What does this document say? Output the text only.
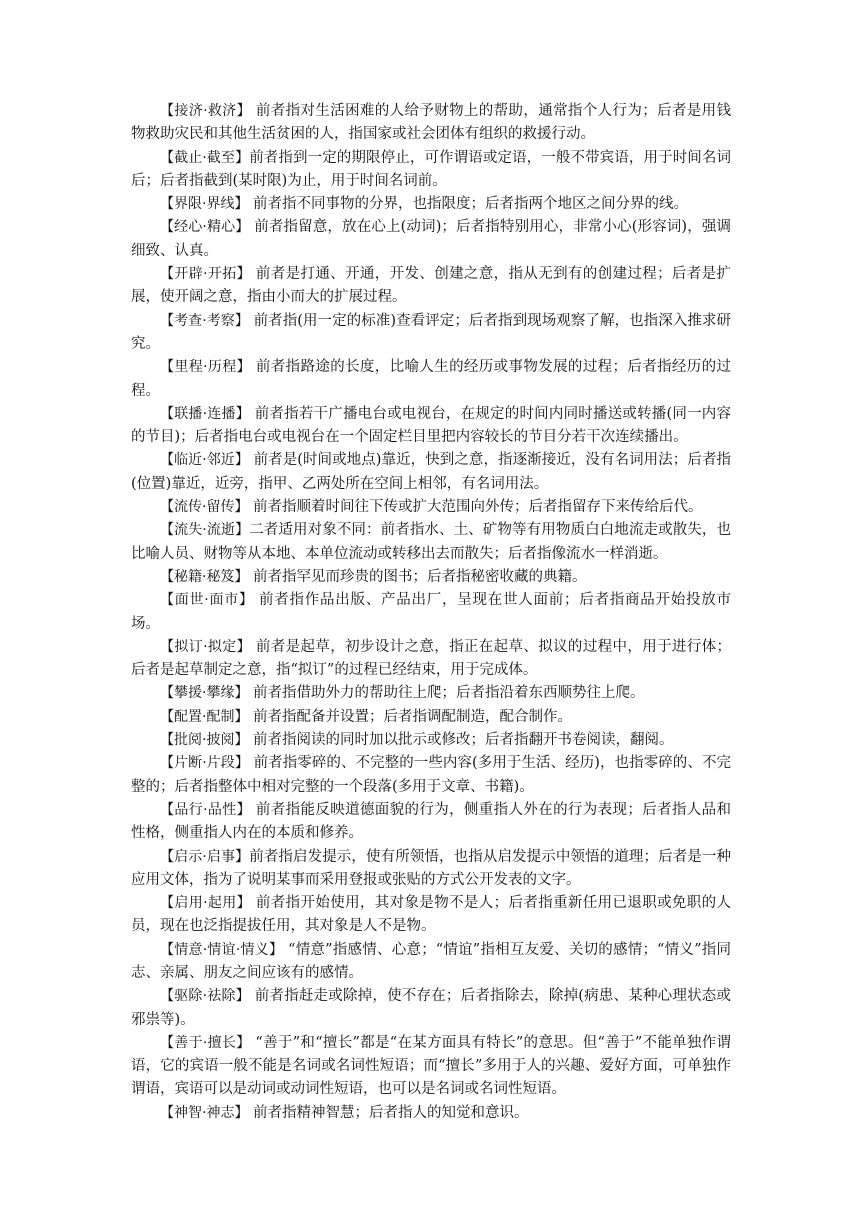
【接济·救济】 前者指对生活困难的人给予财物上的帮助，通常指个人行为；后者是用钱物救助灾民和其他生活贫困的人，指国家或社会团体有组织的救援行动。

【截止·截至】前者指到一定的期限停止，可作谓语或定语，一般不带宾语，用于时间名词后；后者指截到(某时限)为止，用于时间名词前。

【界限·界线】 前者指不同事物的分界，也指限度；后者指两个地区之间分界的线。

【经心·精心】 前者指留意，放在心上(动词)；后者指特别用心，非常小心(形容词)，强调细致、认真。

【开辟·开拓】 前者是打通、开通，开发、创建之意，指从无到有的创建过程；后者是扩展，使开阔之意，指由小而大的扩展过程。

【考查·考察】 前者指(用一定的标准)查看评定；后者指到现场观察了解，也指深入推求研究。

【里程·历程】 前者指路途的长度，比喻人生的经历或事物发展的过程；后者指经历的过程。

【联播·连播】 前者指若干广播电台或电视台，在规定的时间内同时播送或转播(同一内容的节目)；后者指电台或电视台在一个固定栏目里把内容较长的节目分若干次连续播出。

【临近·邻近】 前者是(时间或地点)靠近，快到之意，指逐渐接近，没有名词用法；后者指(位置)靠近，近旁，指甲、乙两处所在空间上相邻，有名词用法。

【流传·留传】 前者指顺着时间往下传或扩大范围向外传；后者指留存下来传给后代。

【流失·流逝】二者适用对象不同：前者指水、土、矿物等有用物质白白地流走或散失，也比喻人员、财物等从本地、本单位流动或转移出去而散失；后者指像流水一样消逝。

【秘籍·秘笈】 前者指罕见而珍贵的图书；后者指秘密收藏的典籍。

【面世·面市】 前者指作品出版、产品出厂，呈现在世人面前；后者指商品开始投放市场。

【拟订·拟定】 前者是起草，初步设计之意，指正在起草、拟议的过程中，用于进行体；后者是起草制定之意，指“拟订”的过程已经结束，用于完成体。

【攀援·攀缘】 前者指借助外力的帮助往上爬；后者指沿着东西顺势往上爬。

【配置·配制】 前者指配备并设置；后者指调配制造，配合制作。

【批阅·披阅】 前者指阅读的同时加以批示或修改；后者指翻开书卷阅读，翻阅。

【片断·片段】 前者指零碎的、不完整的一些内容(多用于生活、经历)，也指零碎的、不完整的；后者指整体中相对完整的一个段落(多用于文章、书籍)。

【品行·品性】 前者指能反映道德面貌的行为，侧重指人外在的行为表现；后者指人品和性格，侧重指人内在的本质和修养。

【启示·启事】前者指启发提示，使有所领悟，也指从启发提示中领悟的道理；后者是一种应用文体，指为了说明某事而采用登报或张贴的方式公开发表的文字。

【启用·起用】 前者指开始使用，其对象是物不是人；后者指重新任用已退职或免职的人员，现在也泛指提拔任用，其对象是人不是物。

【情意·情谊·情义】 “情意”指感情、心意；“情谊”指相互友爱、关切的感情；“情义”指同志、亲属、朋友之间应该有的感情。

【驱除·祛除】 前者指赶走或除掉，使不存在；后者指除去，除掉(病患、某种心理状态或邪祟等)。

【善于·擅长】 “善于”和“擅长”都是“在某方面具有特长”的意思。但“善于”不能单独作谓语，它的宾语一般不能是名词或名词性短语；而“擅长”多用于人的兴趣、爱好方面，可单独作谓语，宾语可以是动词或动词性短语，也可以是名词或名词性短语。

【神智·神志】 前者指精神智慧；后者指人的知觉和意识。
